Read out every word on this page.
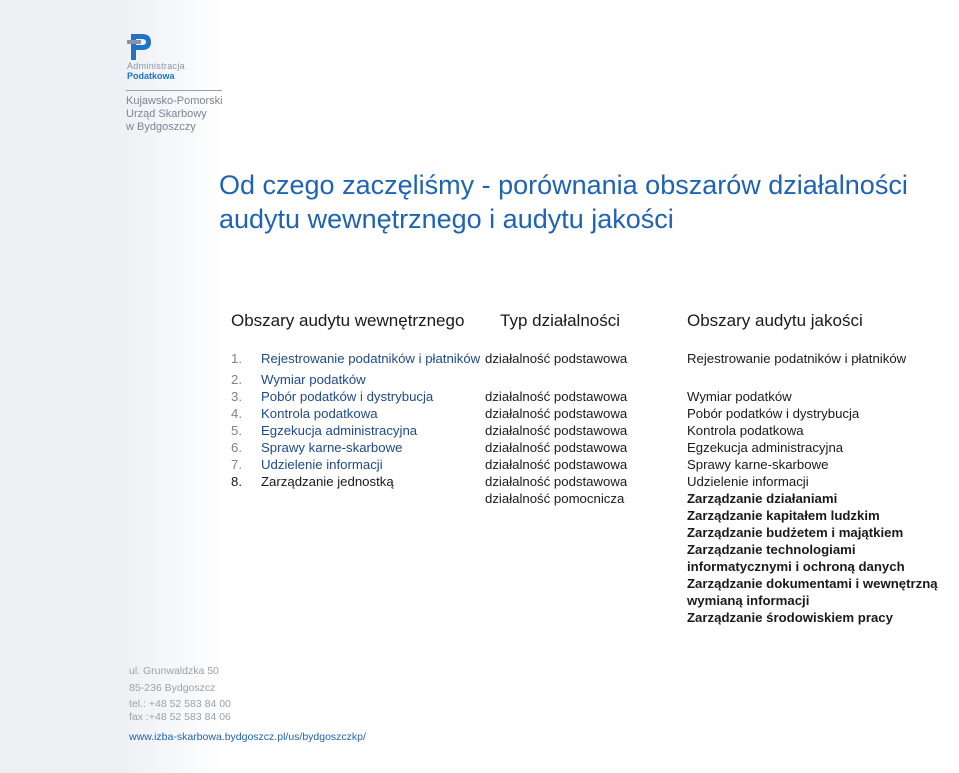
Administracja
Podatkowa
Kujawsko-Pomorski
Urząd Skarbowy
w Bydgoszczy
Od czego zaczęliśmy - porównania obszarów działalności audytu wewnętrznego i audytu jakości
Obszary audytu wewnętrznego Typ działalności	Obszary audytu jakości
1. Rejestrowanie podatników i płatników
2. Wymiar podatków
3. Pobór podatków i dystrybucja
4. Kontrola podatkowa
5. Egzekucja administracyjna
6. Sprawy karne-skarbowe
7. Udzielenie informacji
8. Zarządzanie jednostką
działalność podstawowa
działalność podstawowa
działalność podstawowa
działalność podstawowa
działalność podstawowa
działalność podstawowa
działalność podstawowa
działalność pomocnicza
Rejestrowanie podatników i płatników
Wymiar podatków
Pobór podatków i dystrybucja
Kontrola podatkowa
Egzekucja administracyjna
Sprawy karne-skarbowe
Udzielenie informacji
Zarządzanie działaniami
Zarządzanie kapitałem ludzkim
Zarządzanie budżetem i majątkiem
Zarządzanie technologiami informatycznymi i ochroną danych
Zarządzanie dokumentami i wewnętrzną wymianą informacji
Zarządzanie środowiskiem pracy
ul. Grunwaldzka 50
85-236 Bydgoszcz
tel.: +48 52 583 84 00
fax :+48 52 583 84 06
www.izba-skarbowa.bydgoszcz.pl/us/bydgoszczkp/
